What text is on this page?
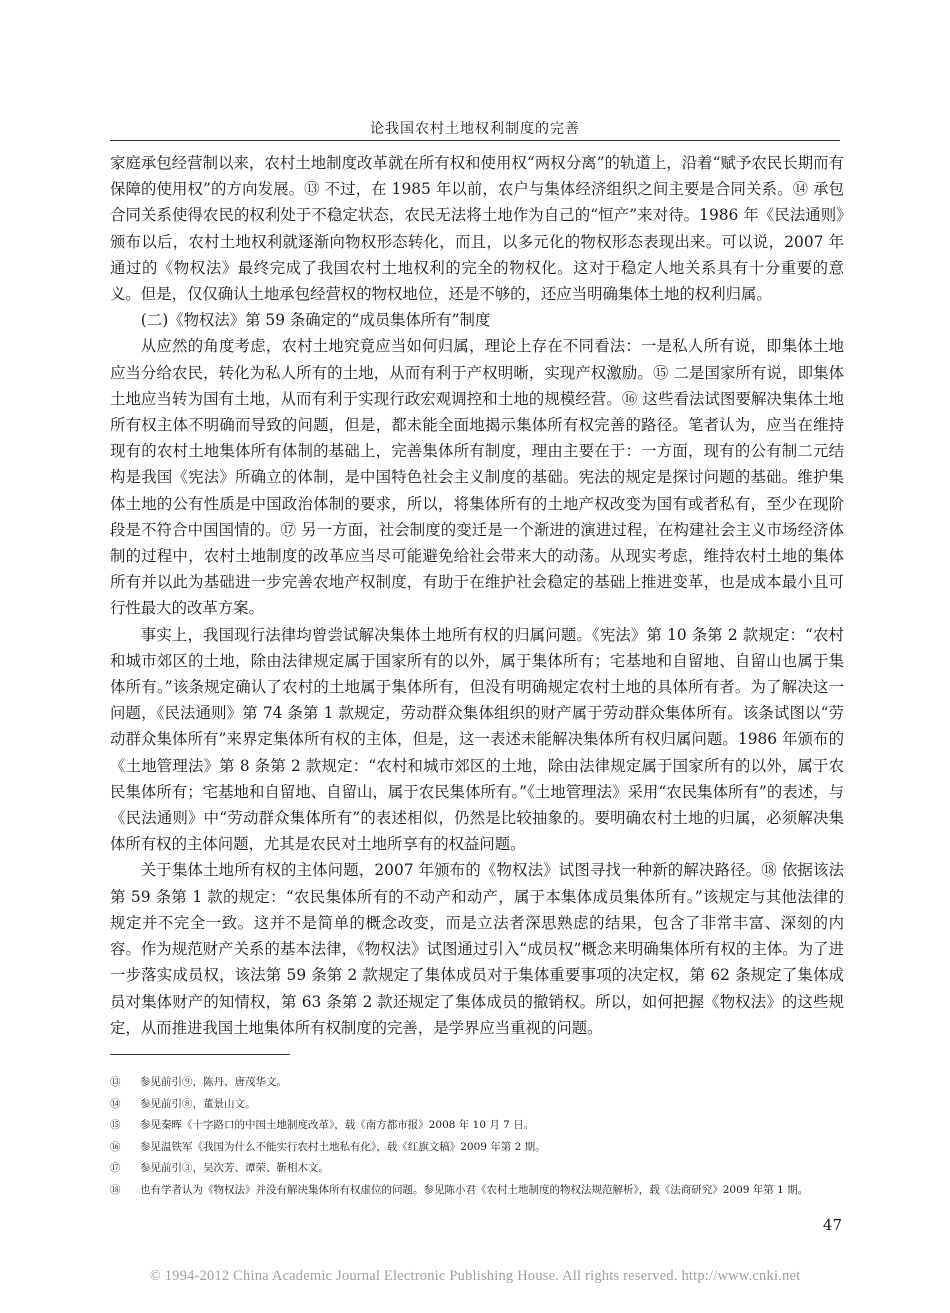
论我国农村土地权利制度的完善

家庭承包经营制以来，农村土地制度改革就在所有权和使用权“两权分离”的轨道上，沿着“赋予农民长期而有保障的使用权”的方向发展。⑬ 不过，在 1985 年以前，农户与集体经济组织之间主要是合同关系。⑭ 承包合同关系使得农民的权利处于不稳定状态，农民无法将土地作为自己的“恒产”来对待。1986 年《民法通则》颁布以后，农村土地权利就逐渐向物权形态转化，而且，以多元化的物权形态表现出来。可以说，2007 年通过的《物权法》最终完成了我国农村土地权利的完全的物权化。这对于稳定人地关系具有十分重要的意义。但是，仅仅确认土地承包经营权的物权地位，还是不够的，还应当明确集体土地的权利归属。

(二)《物权法》第 59 条确定的“成员集体所有”制度

从应然的角度考虑，农村土地究竟应当如何归属，理论上存在不同看法：一是私人所有说，即集体土地应当分给农民，转化为私人所有的土地，从而有利于产权明晰，实现产权激励。⑮ 二是国家所有说，即集体土地应当转为国有土地，从而有利于实现行政宏观调控和土地的规模经营。⑯ 这些看法试图要解决集体土地所有权主体不明确而导致的问题，但是，都未能全面地揭示集体所有权完善的路径。笔者认为，应当在维持现有的农村土地集体所有体制的基础上，完善集体所有制度，理由主要在于：一方面，现有的公有制二元结构是我国《宪法》所确立的体制，是中国特色社会主义制度的基础。宪法的规定是探讨问题的基础。维护集体土地的公有性质是中国政治体制的要求，所以，将集体所有的土地产权改变为国有或者私有，至少在现阶段是不符合中国国情的。⑰ 另一方面，社会制度的变迁是一个渐进的演进过程，在构建社会主义市场经济体制的过程中，农村土地制度的改革应当尽可能避免给社会带来大的动荡。从现实考虑，维持农村土地的集体所有并以此为基础进一步完善农地产权制度，有助于在维护社会稳定的基础上推进变革，也是成本最小且可行性最大的改革方案。

事实上，我国现行法律均曾尝试解决集体土地所有权的归属问题。《宪法》第 10 条第 2 款规定：“农村和城市郊区的土地，除由法律规定属于国家所有的以外，属于集体所有；宅基地和自留地、自留山也属于集体所有。”该条规定确认了农村的土地属于集体所有，但没有明确规定农村土地的具体所有者。为了解决这一问题，《民法通则》第 74 条第 1 款规定，劳动群众集体组织的财产属于劳动群众集体所有。该条试图以“劳动群众集体所有”来界定集体所有权的主体，但是，这一表述未能解决集体所有权归属问题。1986 年颁布的《土地管理法》第 8 条第 2 款规定：“农村和城市郊区的土地，除由法律规定属于国家所有的以外，属于农民集体所有；宅基地和自留地、自留山，属于农民集体所有。”《土地管理法》采用“农民集体所有”的表述，与《民法通则》中“劳动群众集体所有”的表述相似，仍然是比较抽象的。要明确农村土地的归属，必须解决集体所有权的主体问题，尤其是农民对土地所享有的权益问题。

关于集体土地所有权的主体问题，2007 年颁布的《物权法》试图寻找一种新的解决路径。⑱ 依据该法第 59 条第 1 款的规定：“农民集体所有的不动产和动产，属于本集体成员集体所有。”该规定与其他法律的规定并不完全一致。这并不是简单的概念改变，而是立法者深思熟虑的结果，包含了非常丰富、深刻的内容。作为规范财产关系的基本法律，《物权法》试图通过引入“成员权”概念来明确集体所有权的主体。为了进一步落实成员权，该法第 59 条第 2 款规定了集体成员对于集体重要事项的决定权，第 62 条规定了集体成员对集体财产的知情权，第 63 条第 2 款还规定了集体成员的撤销权。所以，如何把握《物权法》的这些规定，从而推进我国土地集体所有权制度的完善，是学界应当重视的问题。

⑬	参见前引⑨，陈丹、唐茂华文。
⑭	参见前引⑧，董景山文。
⑮	参见秦晖《十字路口的中国土地制度改革》，载《南方都市报》2008 年 10 月 7 日。
⑯	参见温铁军《我国为什么不能实行农村土地私有化》，载《红旗文稿》2009 年第 2 期。
⑰	参见前引③，吴次芳、谭荣、靳相木文。
⑱	也有学者认为《物权法》并没有解决集体所有权虚位的问题。参见陈小君《农村土地制度的物权法规范解析》，载《法商研究》2009 年第 1 期。
47
© 1994-2012 China Academic Journal Electronic Publishing House. All rights reserved. http://www.cnki.net
